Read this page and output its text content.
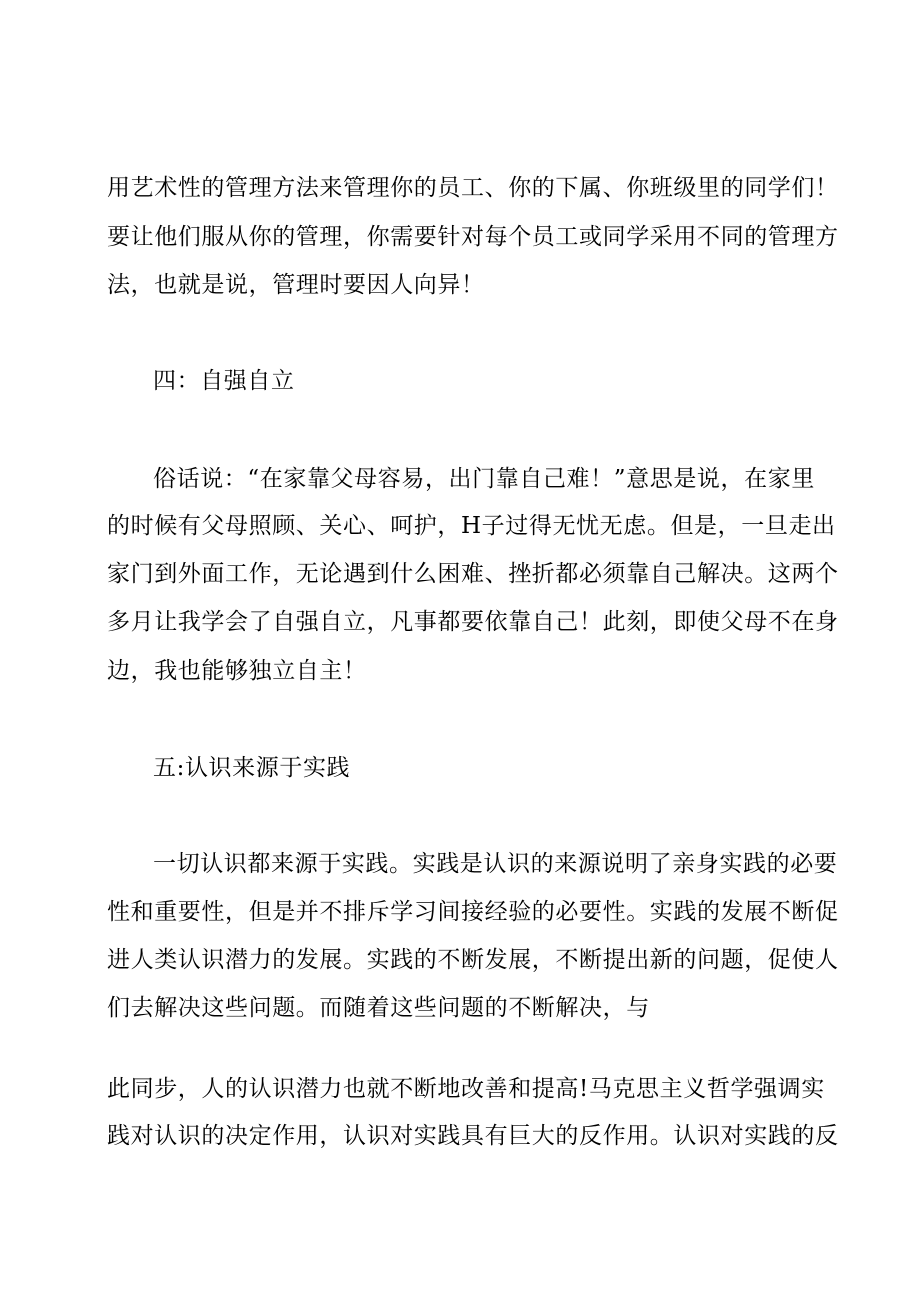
用艺术性的管理方法来管理你的员工、你的下属、你班级里的同学们！
要让他们服从你的管理，你需要针对每个员工或同学采用不同的管理方
法，也就是说，管理时要因人向异！
四：自强自立
俗话说：“在家靠父母容易，出门靠自己难！”意思是说，在家里
的时候有父母照顾、关心、呵护，H子过得无忧无虑。但是，一旦走出
家门到外面工作，无论遇到什么困难、挫折都必须靠自己解决。这两个
多月让我学会了自强自立，凡事都要依靠自己！此刻，即使父母不在身
边，我也能够独立自主！
五:认识来源于实践
一切认识都来源于实践。实践是认识的来源说明了亲身实践的必要
性和重要性，但是并不排斥学习间接经验的必要性。实践的发展不断促
进人类认识潜力的发展。实践的不断发展，不断提出新的问题，促使人
们去解决这些问题。而随着这些问题的不断解决，与
此同步，人的认识潜力也就不断地改善和提高!马克思主义哲学强调实
践对认识的决定作用，认识对实践具有巨大的反作用。认识对实践的反
